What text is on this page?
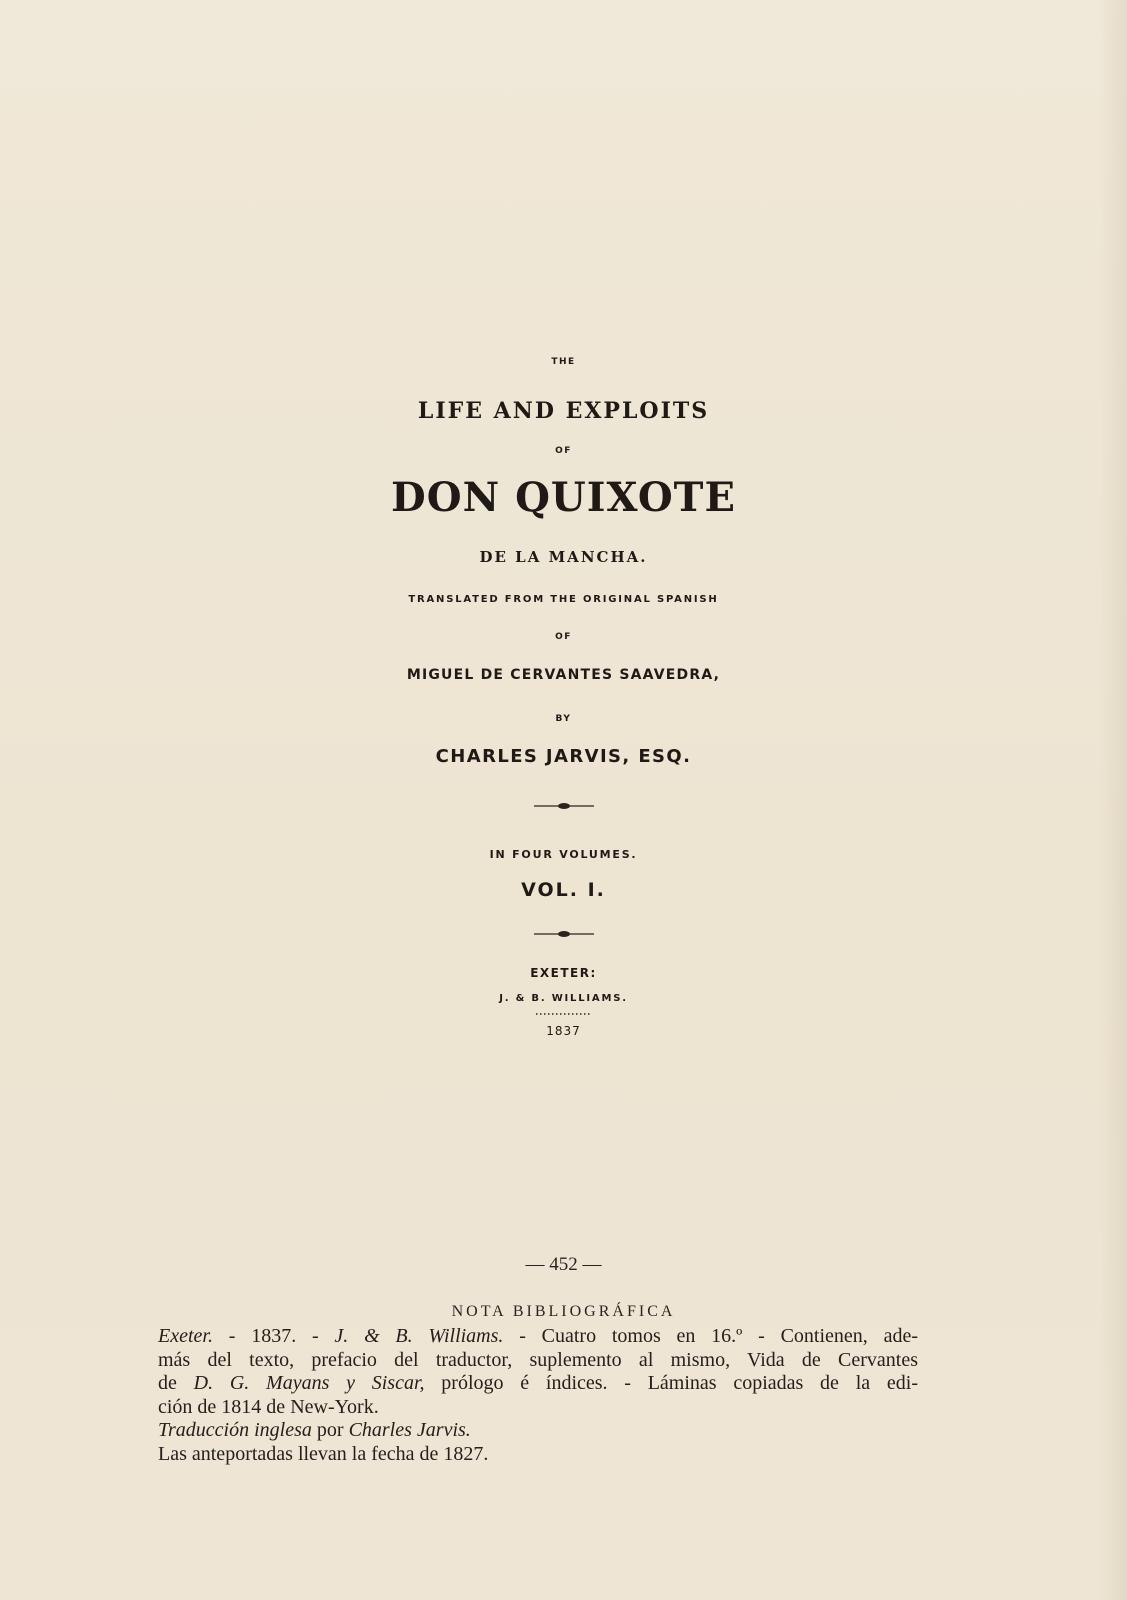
THE
LIFE AND EXPLOITS
OF
DON QUIXOTE
DE LA MANCHA.
TRANSLATED FROM THE ORIGINAL SPANISH
OF
MIGUEL DE CERVANTES SAAVEDRA,
BY
CHARLES JARVIS, ESQ.
IN FOUR VOLUMES.
VOL. I.
EXETER:
J. & B. WILLIAMS.
1837
— 452 —
NOTA BIBLIOGRÁFICA

Exeter. - 1837. - J. & B. Williams. - Cuatro tomos en 16.º - Contienen, ade-

más del texto, prefacio del traductor, suplemento al mismo, Vida de Cervantes

de D. G. Mayans y Siscar, prólogo é índices. - Láminas copiadas de la edi-

ción de 1814 de New-York.

Traducción inglesa por Charles Jarvis.

Las anteportadas llevan la fecha de 1827.
